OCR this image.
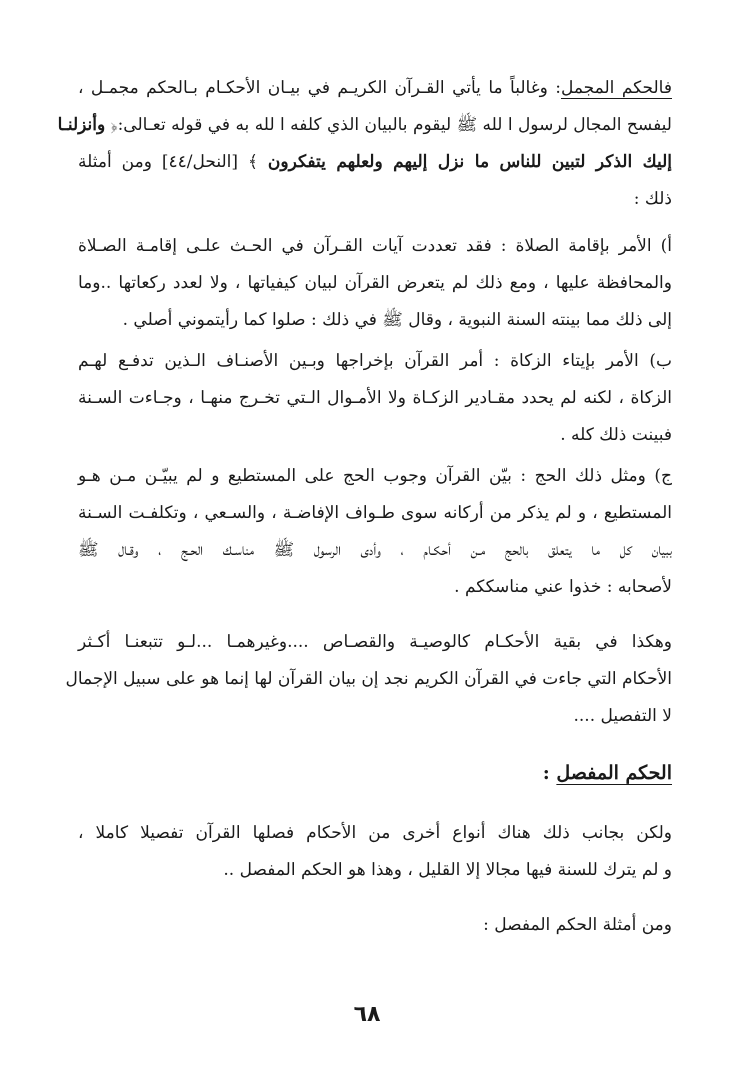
فالحكم المجمل: وغالباً ما يأتي القـرآن الكريـم في بيـان الأحكـام بـالحكم مجمـل ،
ليفسح المجال لرسول ا لله ﷺ ليقوم بالبيان الذي كلفه ا لله به في قوله تعـالى:﴿ وأنزلنـا
إليك الذكر لتبين للناس ما نزل إليهم ولعلهم يتفكرون ﴾ [النحل/٤٤] ومن أمثلة
ذلك :
أ) الأمر بإقامة الصلاة : فقد تعددت آيات القـرآن في الحـث علـى إقامـة الصـلاة
والمحافظة عليها ، ومع ذلك لم يتعرض القرآن لبيان كيفياتها ، ولا لعدد ركعاتها ..وما
إلى ذلك مما بينته السنة النبوية ، وقال ﷺ في ذلك : صلوا كما رأيتموني أصلي .
ب) الأمر بإيتاء الزكاة : أمر القرآن بإخراجها وبـين الأصنـاف الـذين تدفـع لهـم
الزكاة ، لكنه لم يحدد مقـادير الزكـاة ولا الأمـوال الـتي تخـرج منهـا ، وجـاءت السـنة
فبينت ذلك كله .
ج) ومثل ذلك الحج : بيّن القرآن وجوب الحج على المستطيع و لم يبيّـن مـن هـو
المستطيع ، و لم يذكر من أركانه سوى طـواف الإفاضـة ، والسـعي ، وتكلفـت السـنة
ببيان كل ما يتعلق بالحج مـن أحكـام ، وأدى الرسول ﷺ مناسـك الحـج ، وقـال ﷺ
لأصحابه : خذوا عني مناسككم .
وهكذا في بقية الأحكـام كالوصيـة والقصـاص ....وغيرهمـا ...لـو تتبعنـا أكـثر
الأحكام التي جاءت في القرآن الكريم نجد إن بيان القرآن لها إنما هو على سبيل الإجمال
لا التفصيل ....
الحكم المفصل :
ولكن بجانب ذلك هناك أنواع أخرى من الأحكام فصلها القرآن تفصيلا كاملا ،
و لم يترك للسنة فيها مجالا إلا القليل ، وهذا هو الحكم المفصل ..
ومن أمثلة الحكم المفصل :
٦٨
